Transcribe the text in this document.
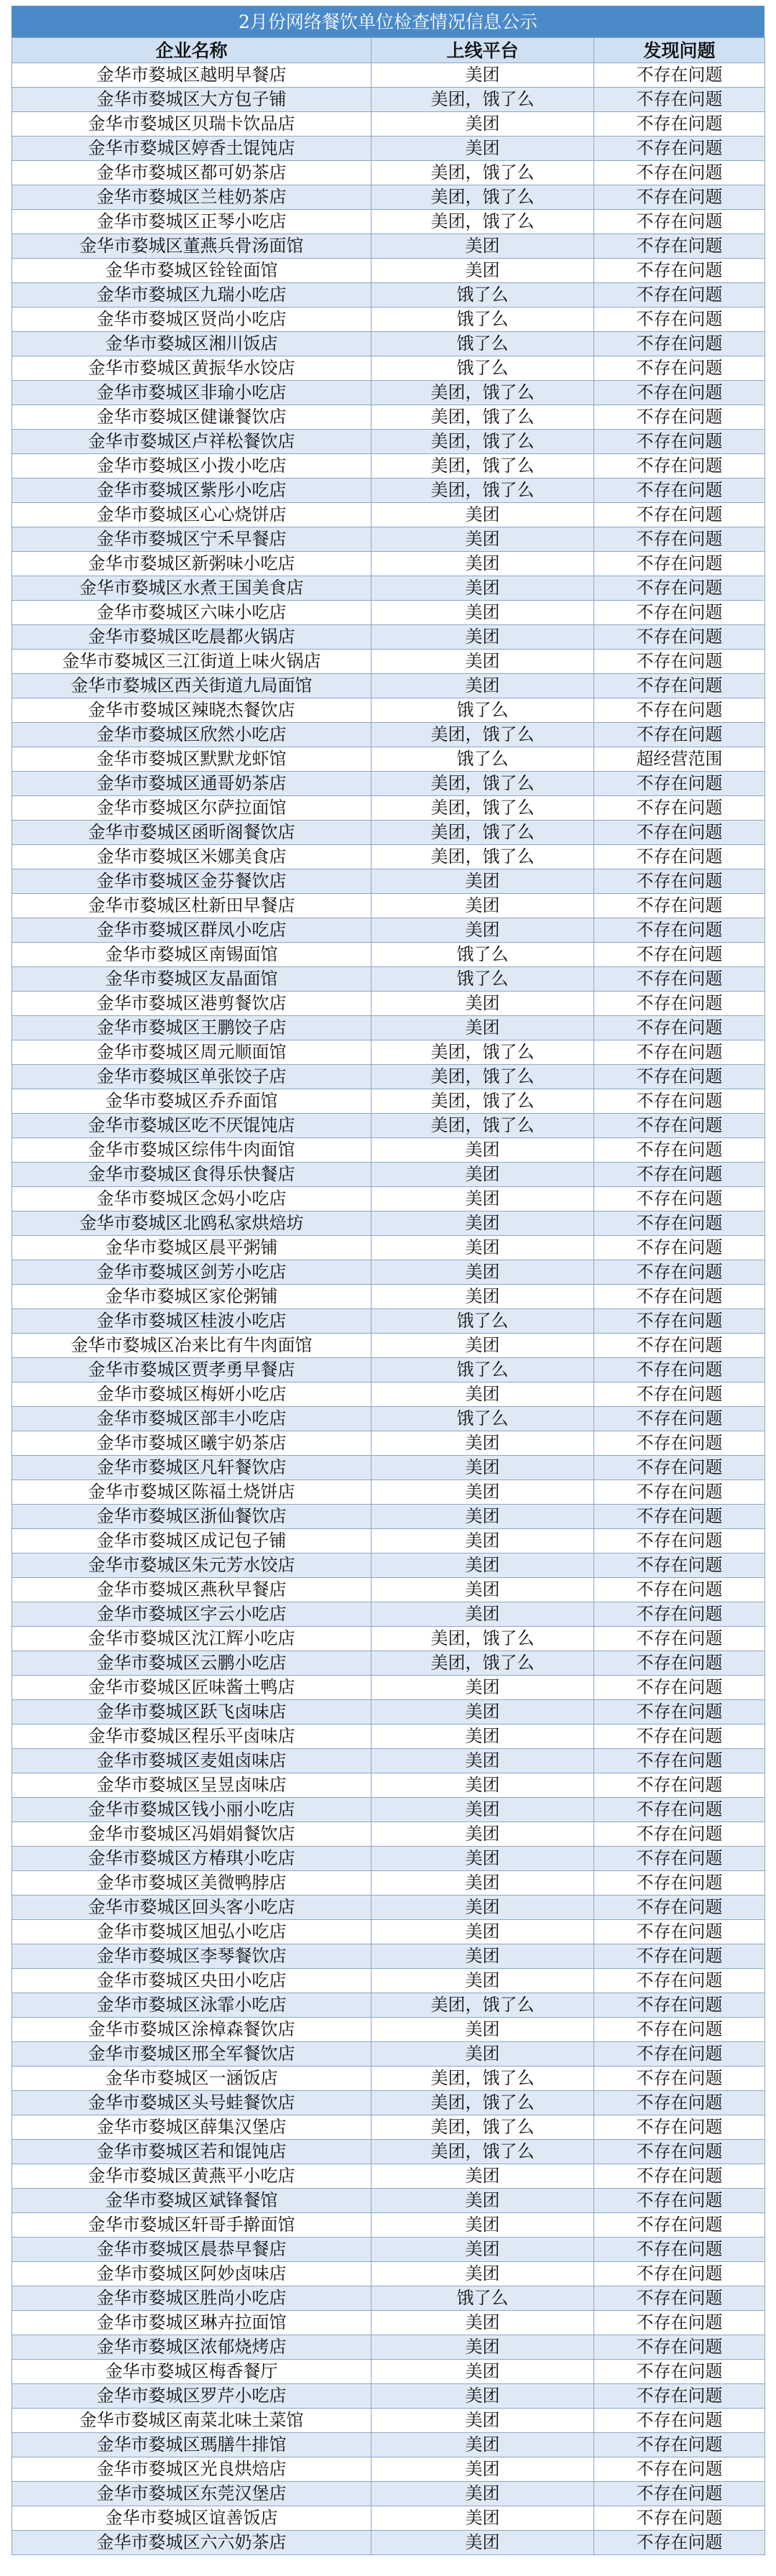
2月份网络餐饮单位检查情况信息公示
企业名称	上线平台	发现问题
金华市婺城区越明早餐店	美团	不存在问题
金华市婺城区大方包子铺	美团，饿了么	不存在问题
金华市婺城区贝瑞卡饮品店	美团	不存在问题
金华市婺城区婷香土馄饨店	美团	不存在问题
金华市婺城区都可奶茶店	美团，饿了么	不存在问题
金华市婺城区兰桂奶茶店	美团，饿了么	不存在问题
金华市婺城区正琴小吃店	美团，饿了么	不存在问题
金华市婺城区董燕兵骨汤面馆	美团	不存在问题
金华市婺城区铨铨面馆	美团	不存在问题
金华市婺城区九瑞小吃店	饿了么	不存在问题
金华市婺城区贤尚小吃店	饿了么	不存在问题
金华市婺城区湘川饭店	饿了么	不存在问题
金华市婺城区黄振华水饺店	饿了么	不存在问题
金华市婺城区非瑜小吃店	美团，饿了么	不存在问题
金华市婺城区健谦餐饮店	美团，饿了么	不存在问题
金华市婺城区卢祥松餐饮店	美团，饿了么	不存在问题
金华市婺城区小拨小吃店	美团，饿了么	不存在问题
金华市婺城区紫彤小吃店	美团，饿了么	不存在问题
金华市婺城区心心烧饼店	美团	不存在问题
金华市婺城区宁禾早餐店	美团	不存在问题
金华市婺城区新粥味小吃店	美团	不存在问题
金华市婺城区水煮王国美食店	美团	不存在问题
金华市婺城区六味小吃店	美团	不存在问题
金华市婺城区吃晨都火锅店	美团	不存在问题
金华市婺城区三江街道上味火锅店	美团	不存在问题
金华市婺城区西关街道九局面馆	美团	不存在问题
金华市婺城区辣晓杰餐饮店	饿了么	不存在问题
金华市婺城区欣然小吃店	美团，饿了么	不存在问题
金华市婺城区默默龙虾馆	饿了么	超经营范围
金华市婺城区通哥奶茶店	美团，饿了么	不存在问题
金华市婺城区尔萨拉面馆	美团，饿了么	不存在问题
金华市婺城区函昕阁餐饮店	美团，饿了么	不存在问题
金华市婺城区米娜美食店	美团，饿了么	不存在问题
金华市婺城区金芬餐饮店	美团	不存在问题
金华市婺城区杜新田早餐店	美团	不存在问题
金华市婺城区群凤小吃店	美团	不存在问题
金华市婺城区南锡面馆	饿了么	不存在问题
金华市婺城区友晶面馆	饿了么	不存在问题
金华市婺城区港剪餐饮店	美团	不存在问题
金华市婺城区王鹏饺子店	美团	不存在问题
金华市婺城区周元顺面馆	美团，饿了么	不存在问题
金华市婺城区单张饺子店	美团，饿了么	不存在问题
金华市婺城区乔乔面馆	美团，饿了么	不存在问题
金华市婺城区吃不厌馄饨店	美团，饿了么	不存在问题
金华市婺城区综伟牛肉面馆	美团	不存在问题
金华市婺城区食得乐快餐店	美团	不存在问题
金华市婺城区念妈小吃店	美团	不存在问题
金华市婺城区北鸥私家烘焙坊	美团	不存在问题
金华市婺城区晨平粥铺	美团	不存在问题
金华市婺城区剑芳小吃店	美团	不存在问题
金华市婺城区家伦粥铺	美团	不存在问题
金华市婺城区桂波小吃店	饿了么	不存在问题
金华市婺城区冶来比有牛肉面馆	美团	不存在问题
金华市婺城区贾孝勇早餐店	饿了么	不存在问题
金华市婺城区梅妍小吃店	美团	不存在问题
金华市婺城区部丰小吃店	饿了么	不存在问题
金华市婺城区曦宇奶茶店	美团	不存在问题
金华市婺城区凡轩餐饮店	美团	不存在问题
金华市婺城区陈福土烧饼店	美团	不存在问题
金华市婺城区浙仙餐饮店	美团	不存在问题
金华市婺城区成记包子铺	美团	不存在问题
金华市婺城区朱元芳水饺店	美团	不存在问题
金华市婺城区燕秋早餐店	美团	不存在问题
金华市婺城区字云小吃店	美团	不存在问题
金华市婺城区沈江辉小吃店	美团，饿了么	不存在问题
金华市婺城区云鹏小吃店	美团，饿了么	不存在问题
金华市婺城区匠味酱土鸭店	美团	不存在问题
金华市婺城区跃飞卤味店	美团	不存在问题
金华市婺城区程乐平卤味店	美团	不存在问题
金华市婺城区麦姐卤味店	美团	不存在问题
金华市婺城区呈昱卤味店	美团	不存在问题
金华市婺城区钱小丽小吃店	美团	不存在问题
金华市婺城区冯娟娟餐饮店	美团	不存在问题
金华市婺城区方椿琪小吃店	美团	不存在问题
金华市婺城区美微鸭脖店	美团	不存在问题
金华市婺城区回头客小吃店	美团	不存在问题
金华市婺城区旭弘小吃店	美团	不存在问题
金华市婺城区李琴餐饮店	美团	不存在问题
金华市婺城区央田小吃店	美团	不存在问题
金华市婺城区泳霏小吃店	美团，饿了么	不存在问题
金华市婺城区涂樟森餐饮店	美团	不存在问题
金华市婺城区邢全军餐饮店	美团	不存在问题
金华市婺城区一涵饭店	美团，饿了么	不存在问题
金华市婺城区头号蛙餐饮店	美团，饿了么	不存在问题
金华市婺城区薛集汉堡店	美团，饿了么	不存在问题
金华市婺城区若和馄饨店	美团，饿了么	不存在问题
金华市婺城区黄燕平小吃店	美团	不存在问题
金华市婺城区斌锋餐馆	美团	不存在问题
金华市婺城区轩哥手擀面馆	美团	不存在问题
金华市婺城区晨恭早餐店	美团	不存在问题
金华市婺城区阿妙卤味店	美团	不存在问题
金华市婺城区胜尚小吃店	饿了么	不存在问题
金华市婺城区琳卉拉面馆	美团	不存在问题
金华市婺城区浓郁烧烤店	美团	不存在问题
金华市婺城区梅香餐厅	美团	不存在问题
金华市婺城区罗芹小吃店	美团	不存在问题
金华市婺城区南菜北味土菜馆	美团	不存在问题
金华市婺城区瑪膳牛排馆	美团	不存在问题
金华市婺城区光良烘焙店	美团	不存在问题
金华市婺城区东莞汉堡店	美团	不存在问题
金华市婺城区谊善饭店	美团	不存在问题
金华市婺城区六六奶茶店	美团	不存在问题
